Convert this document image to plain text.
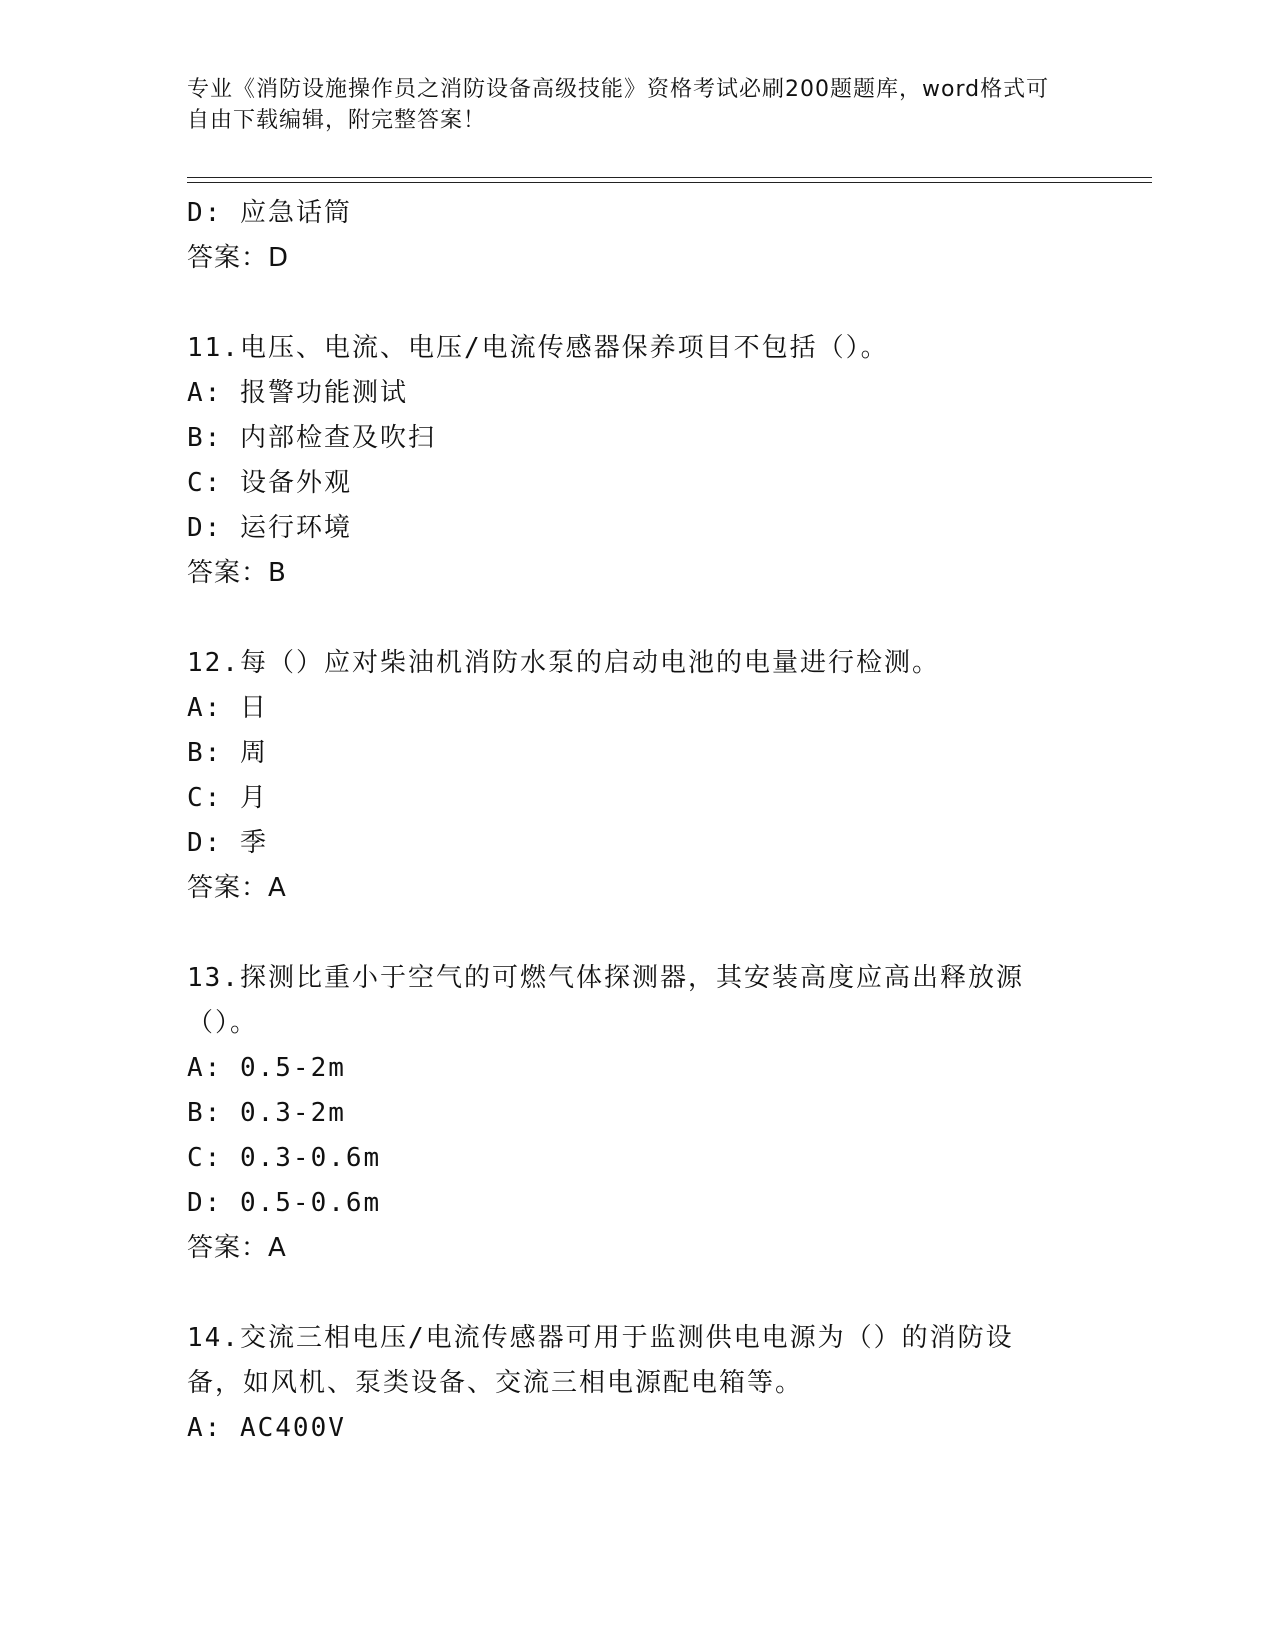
专业《消防设施操作员之消防设备高级技能》资格考试必刷200题题库，word格式可自由下载编辑，附完整答案！
D: 应急话筒
答案：D
11.电压、电流、电压/电流传感器保养项目不包括（）。
A: 报警功能测试
B: 内部检查及吹扫
C: 设备外观
D: 运行环境
答案：B
12.每（）应对柴油机消防水泵的启动电池的电量进行检测。
A: 日
B: 周
C: 月
D: 季
答案：A
13.探测比重小于空气的可燃气体探测器，其安装高度应高出释放源（）。
A: 0.5-2m
B: 0.3-2m
C: 0.3-0.6m
D: 0.5-0.6m
答案：A
14.交流三相电压/电流传感器可用于监测供电电源为（）的消防设备，如风机、泵类设备、交流三相电源配电箱等。
A: AC400V
